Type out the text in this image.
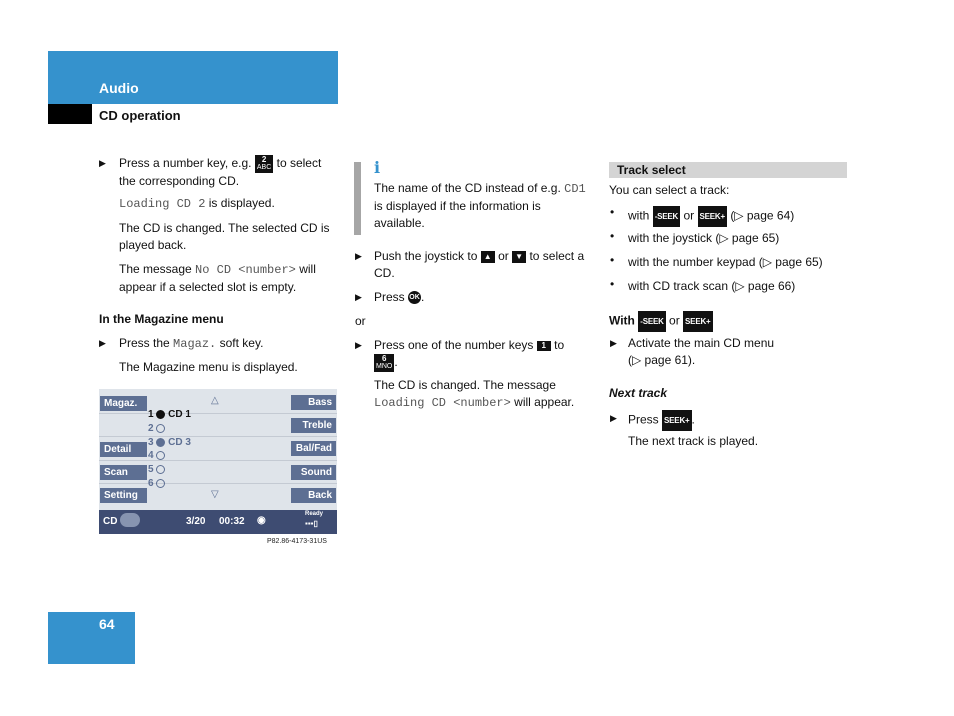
Audio
CD operation
▶ Press a number key, e.g.	2
ABC to select the corresponding CD.
Loading CD 2 is displayed.
The CD is changed. The selected CD is played back.
The message No CD <number> will appear if a selected slot is empty.
In the Magazine menu
▶ Press the Magaz. soft key.
The Magazine menu is displayed.
Magaz.
Detail
Scan
Setting
Bass
Treble
Bal/Fad
Sound
Back
△
▽
1 CD 1
2
3 CD 3
4
5
6
CD	3/20 00:32 ◉
Ready
▪▪▪▯
P82.86-4173-31US
i
The name of the CD instead of e.g. CD1 is displayed if the information is available.
▶ Push the joystick to ▲ or ▼ to select a CD.
▶ Press OK.
or
▶ Press one of the number keys	1 to
6
MNO .
The CD is changed. The message Loading CD <number> will appear.
Track select
You can select a track:
• with -SEEK or SEEK+ (▷ page 64)
• with the joystick (▷ page 65)
• with the number keypad (▷ page 65)
• with CD track scan (▷ page 66)
With -SEEK or SEEK+
▶ Activate the main CD menu
(▷ page 61).
Next track
▶ Press SEEK+ .
The next track is played.
64
